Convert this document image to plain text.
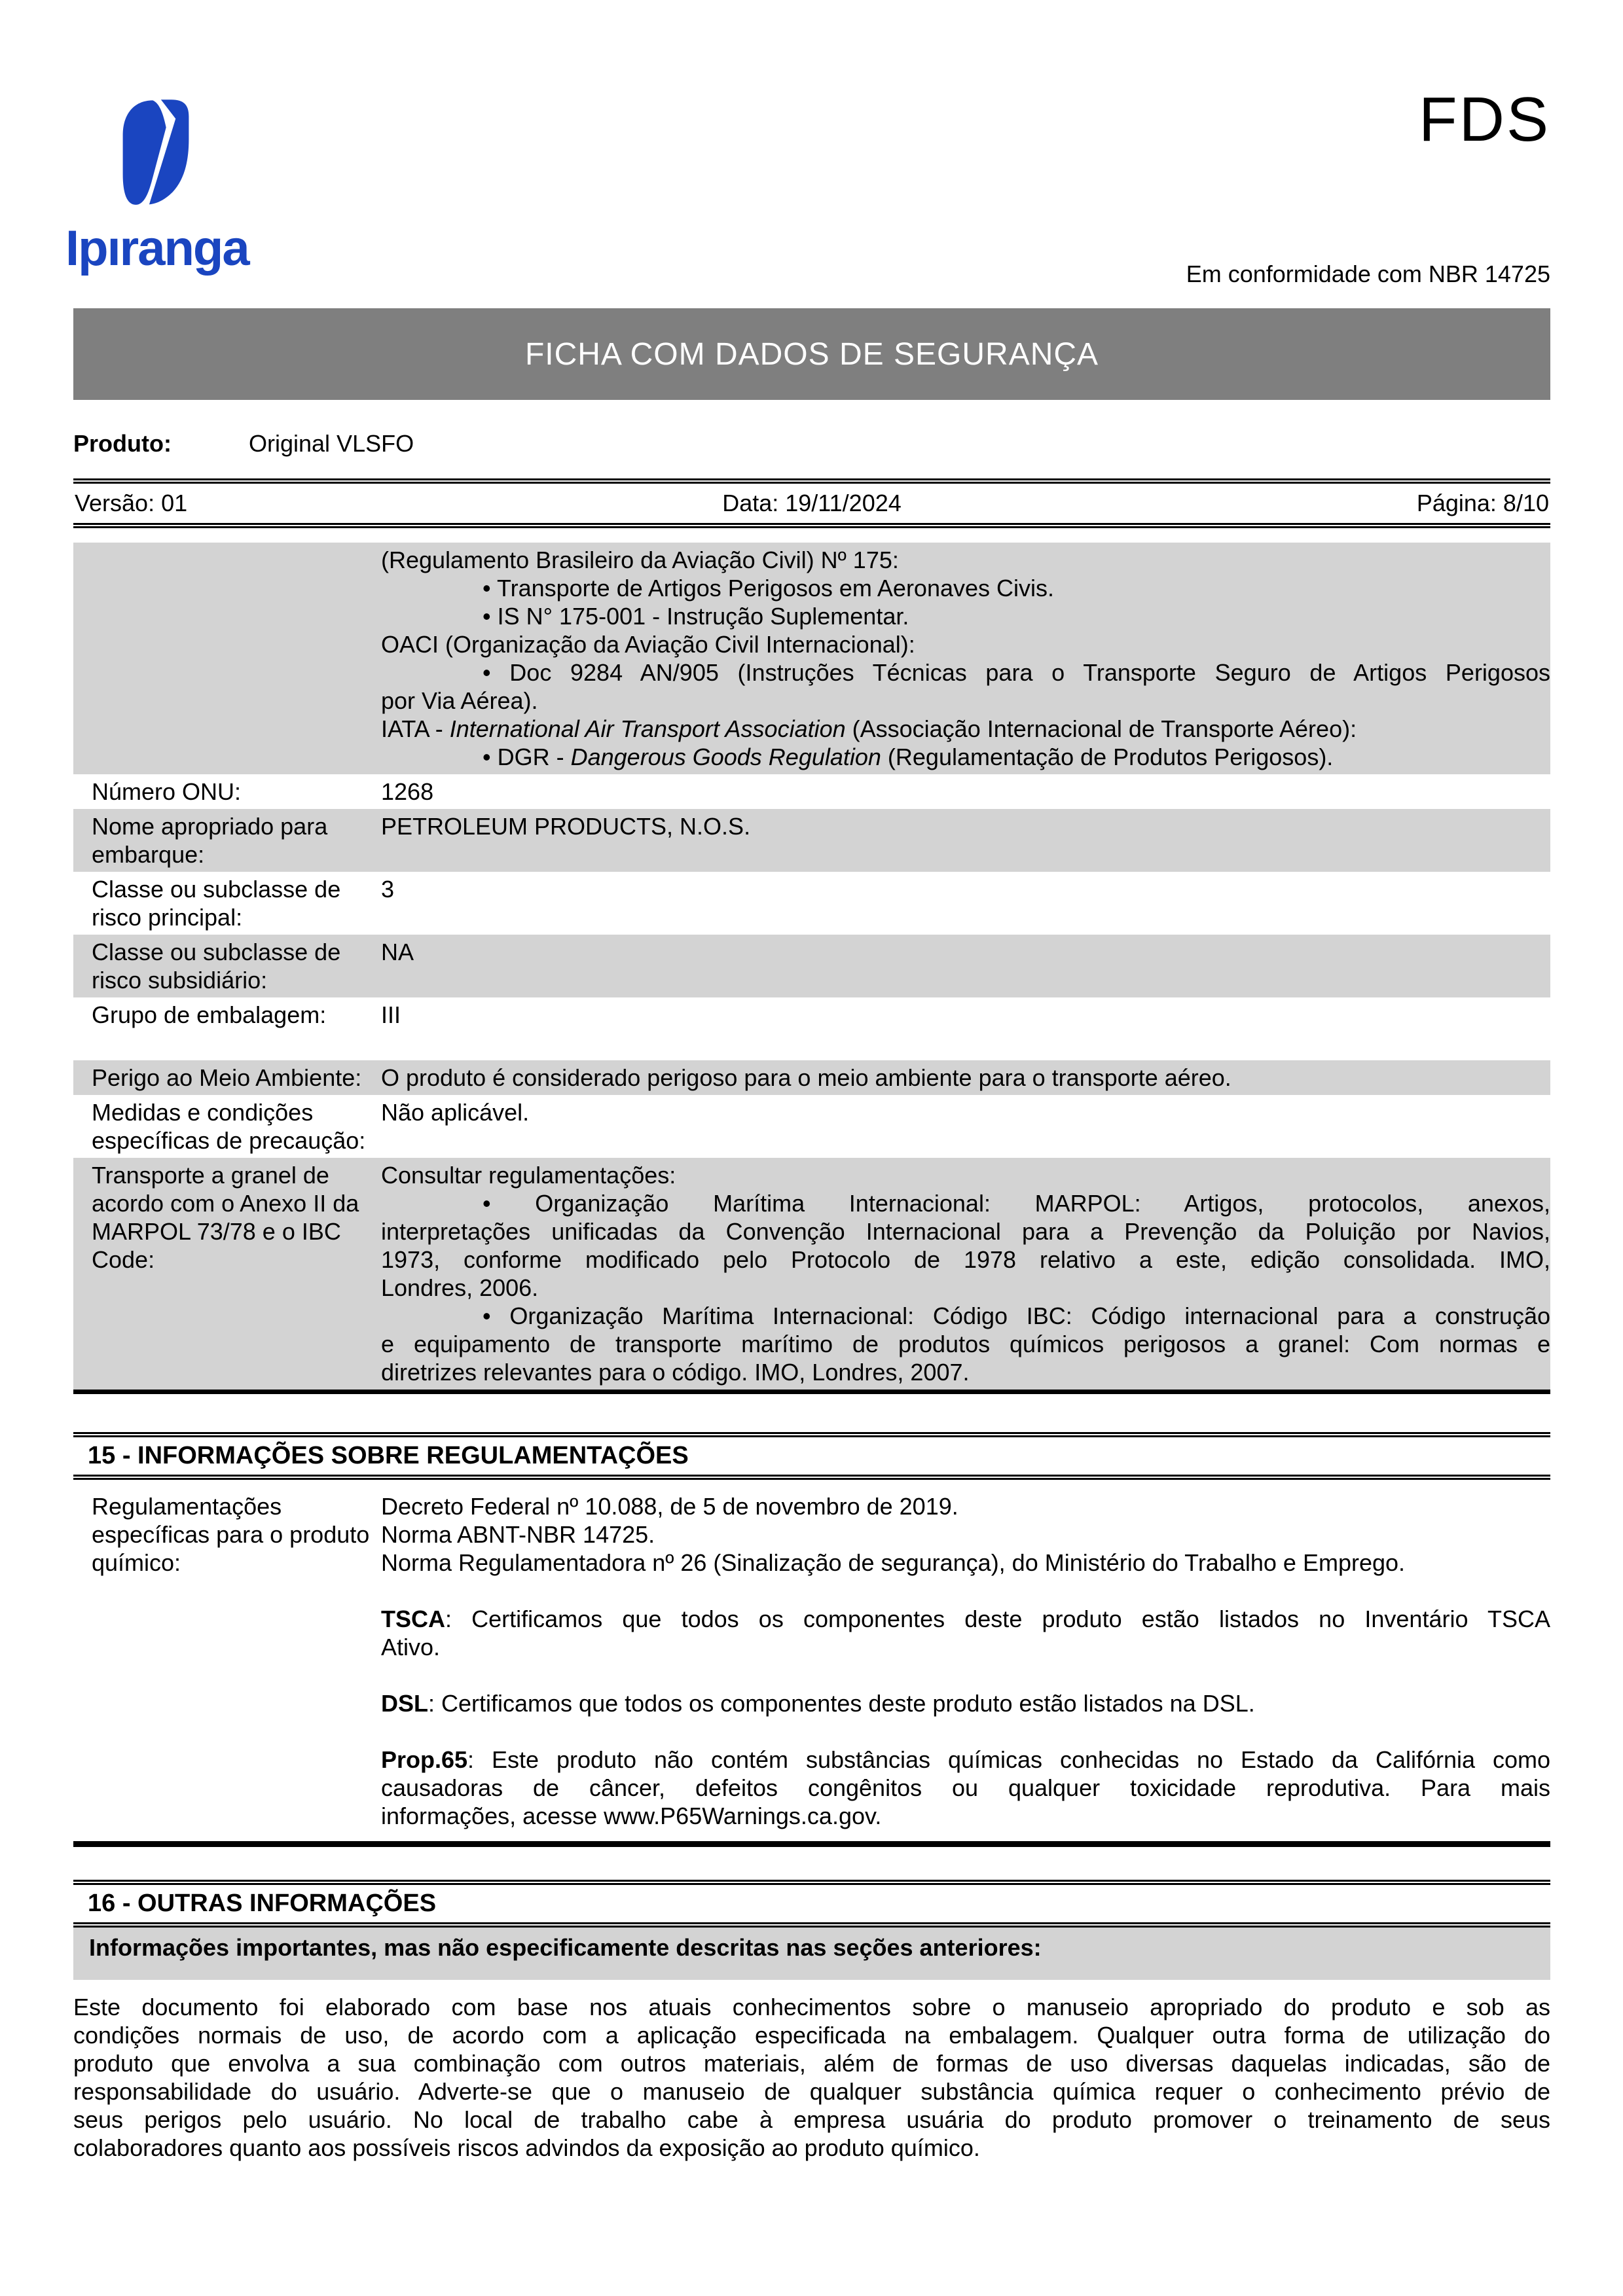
Ipıranga
FDS
Em conformidade com NBR 14725
FICHA COM DADOS DE SEGURANÇA
Produto:	Original VLSFO
Versão: 01	Data: 19/11/2024	Página: 8/10
(Regulamento Brasileiro da Aviação Civil) Nº 175:
• Transporte de Artigos Perigosos em Aeronaves Civis.
• IS N° 175-001 - Instrução Suplementar.
OACI (Organização da Aviação Civil Internacional):
• Doc 9284 AN/905 (Instruções Técnicas para o Transporte Seguro de Artigos Perigosos
por Via Aérea).
IATA - International Air Transport Association (Associação Internacional de Transporte Aéreo):
• DGR - Dangerous Goods Regulation (Regulamentação de Produtos Perigosos).
Número ONU:	1268
Nome apropriado para embarque:
PETROLEUM PRODUCTS, N.O.S.
Classe ou subclasse de risco principal:
3
Classe ou subclasse de risco subsidiário:
NA
Grupo de embalagem:	III
Perigo ao Meio Ambiente: O produto é considerado perigoso para o meio ambiente para o transporte aéreo.
Medidas e condições específicas de precaução:
Não aplicável.
Transporte a granel de acordo com o Anexo II da MARPOL 73/78 e o IBC Code:
Consultar regulamentações:
• Organização Marítima Internacional: MARPOL: Artigos, protocolos, anexos,
interpretações unificadas da Convenção Internacional para a Prevenção da Poluição por Navios,
1973, conforme modificado pelo Protocolo de 1978 relativo a este, edição consolidada. IMO,
Londres, 2006.
• Organização Marítima Internacional: Código IBC: Código internacional para a construção
e equipamento de transporte marítimo de produtos químicos perigosos a granel: Com normas e
diretrizes relevantes para o código. IMO, Londres, 2007.
15 - INFORMAÇÕES SOBRE REGULAMENTAÇÕES
Regulamentações específicas para o produto químico:
Decreto Federal nº 10.088, de 5 de novembro de 2019.
Norma ABNT-NBR 14725.
Norma Regulamentadora nº 26 (Sinalização de segurança), do Ministério do Trabalho e Emprego.
TSCA: Certificamos que todos os componentes deste produto estão listados no Inventário TSCA
Ativo.
DSL: Certificamos que todos os componentes deste produto estão listados na DSL.
Prop.65: Este produto não contém substâncias químicas conhecidas no Estado da Califórnia como
causadoras de câncer, defeitos congênitos ou qualquer toxicidade reprodutiva. Para mais
informações, acesse www.P65Warnings.ca.gov.
16 - OUTRAS INFORMAÇÕES
Informações importantes, mas não especificamente descritas nas seções anteriores:
Este documento foi elaborado com base nos atuais conhecimentos sobre o manuseio apropriado do produto e sob as
condições normais de uso, de acordo com a aplicação especificada na embalagem. Qualquer outra forma de utilização do
produto que envolva a sua combinação com outros materiais, além de formas de uso diversas daquelas indicadas, são de
responsabilidade do usuário. Adverte-se que o manuseio de qualquer substância química requer o conhecimento prévio de
seus perigos pelo usuário. No local de trabalho cabe à empresa usuária do produto promover o treinamento de seus
colaboradores quanto aos possíveis riscos advindos da exposição ao produto químico.
